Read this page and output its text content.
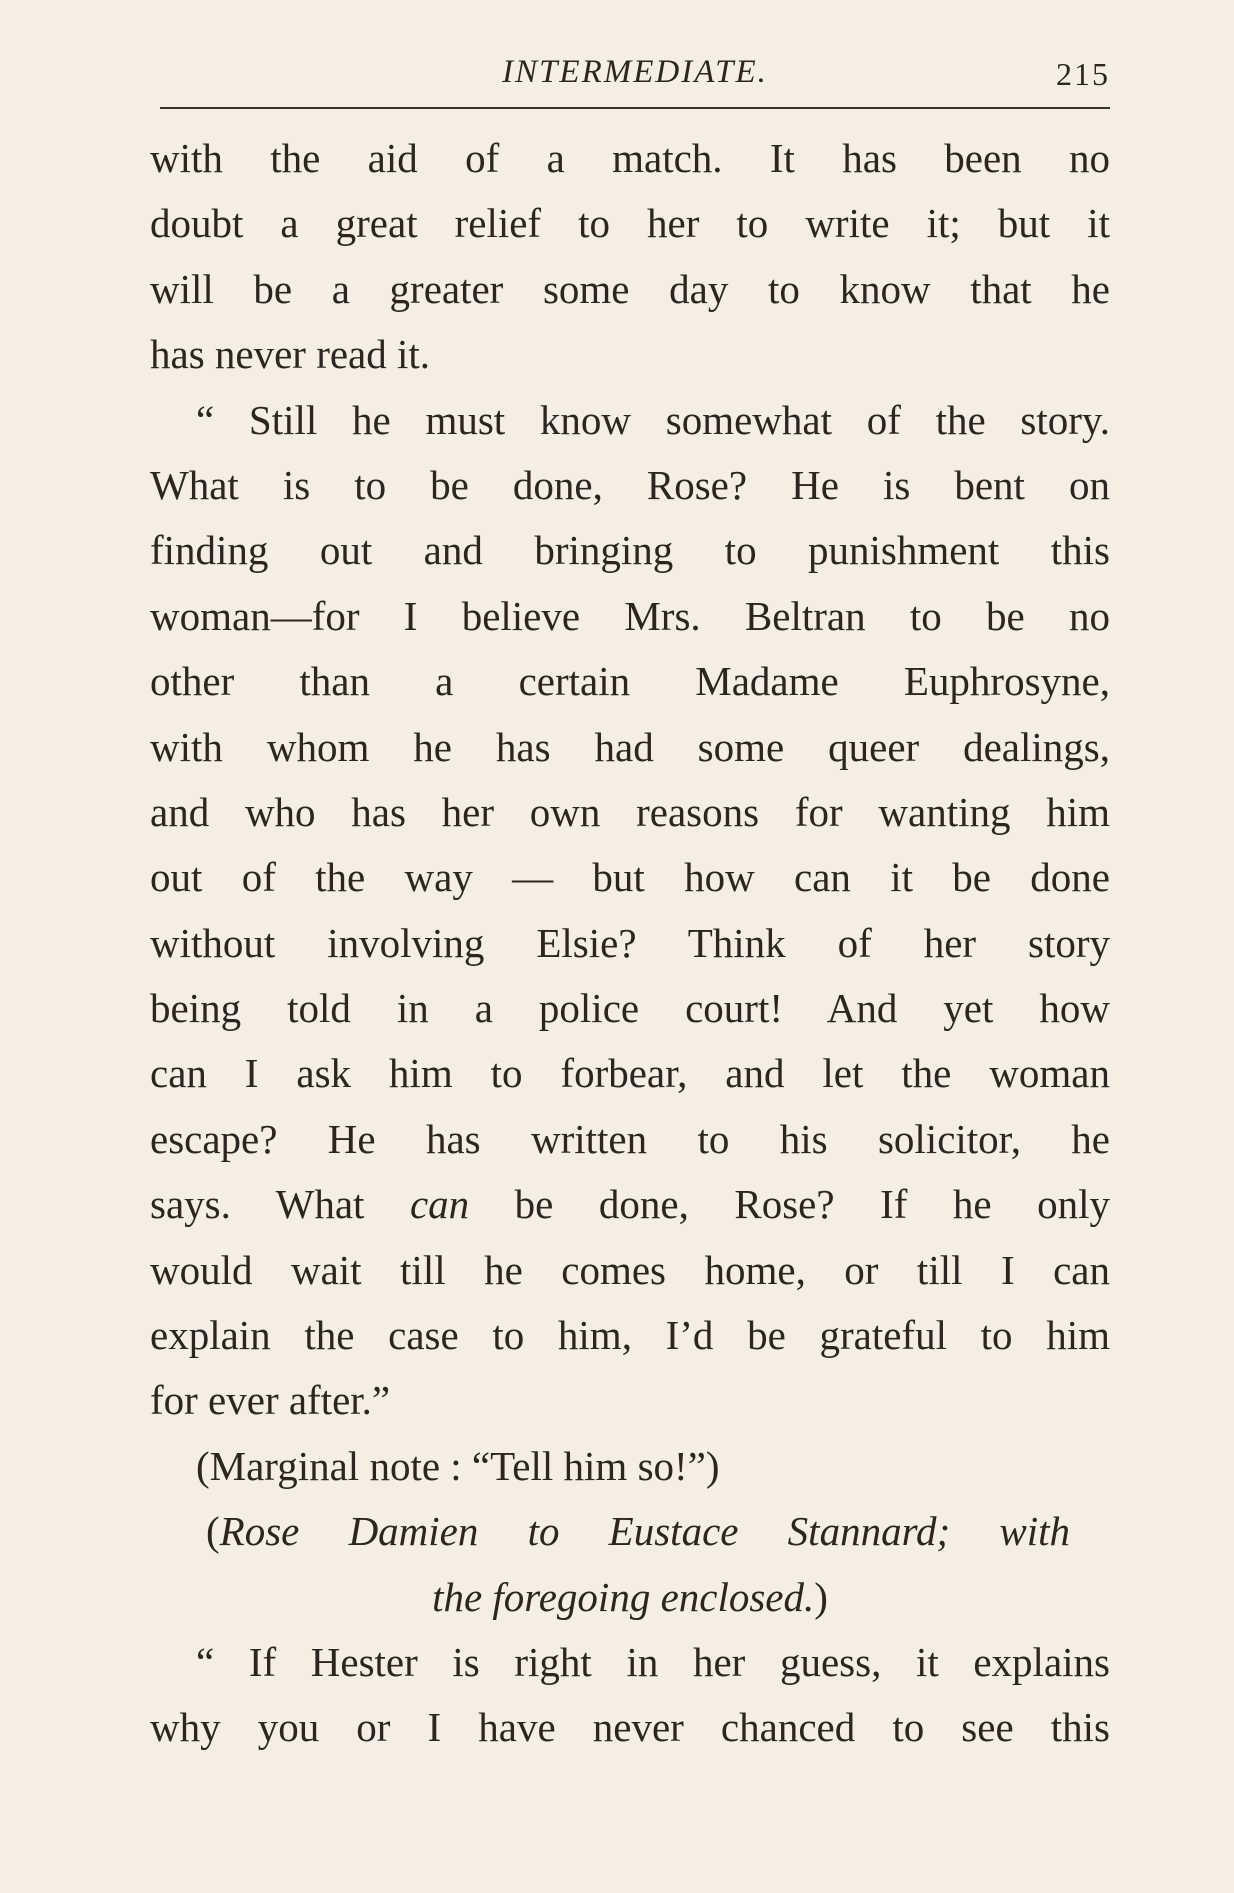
INTERMEDIATE.	215
with the aid of a match. It has been no
doubt a great relief to her to write it; but it
will be a greater some day to know that he
has never read it.
“ Still he must know somewhat of the story.
What is to be done, Rose? He is bent on
finding out and bringing to punishment this
woman—for I believe Mrs. Beltran to be no
other than a certain Madame Euphrosyne,
with whom he has had some queer dealings,
and who has her own reasons for wanting him
out of the way — but how can it be done
without involving Elsie? Think of her story
being told in a police court! And yet how
can I ask him to forbear, and let the woman
escape? He has written to his solicitor, he
says. What can be done, Rose? If he only
would wait till he comes home, or till I can
explain the case to him, I’d be grateful to him
for ever after.”
(Marginal note : “Tell him so!”)
(Rose Damien to Eustace Stannard; with
the foregoing enclosed.)
“ If Hester is right in her guess, it explains
why you or I have never chanced to see this
